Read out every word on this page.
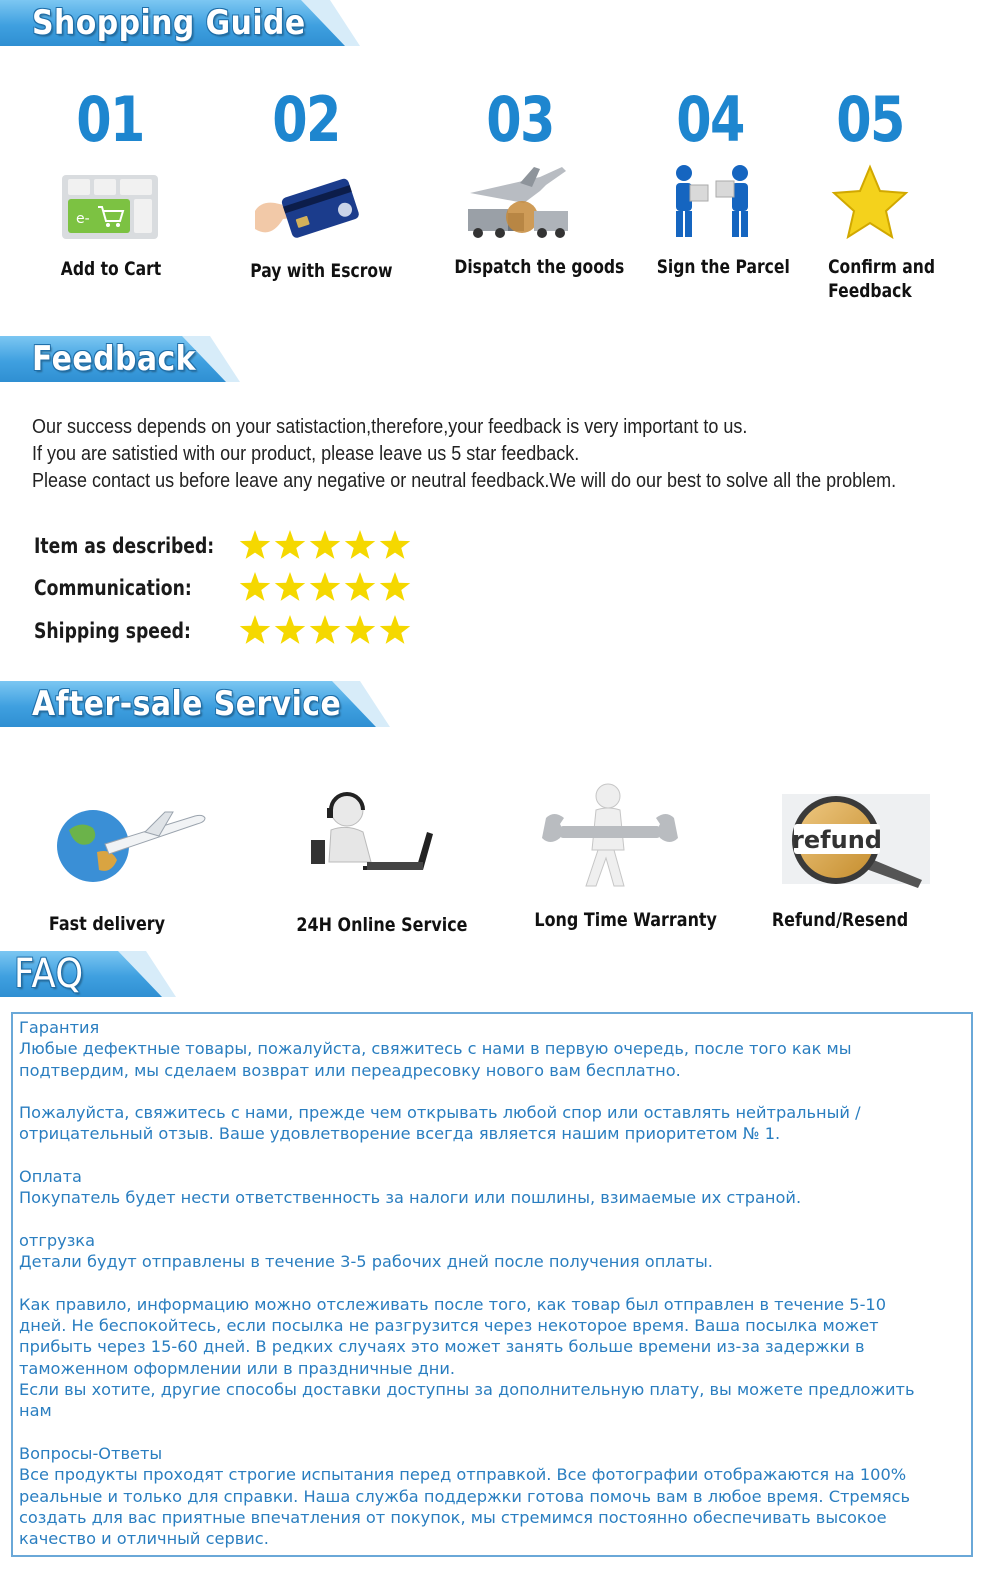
Shopping Guide
01
e-
Add to Cart
02
Pay with Escrow
03
Dispatch the goods
04
Sign the Parcel
05
Confirm and
Feedback
Feedback
Our success depends on your satistaction,therefore,your feedback is very important to us.
If you are satistied with our product, please leave us 5 star feedback.
Please contact us before leave any negative or neutral feedback.We will do our best to solve all the problem.
Item as described:
Communication:
Shipping speed:
After-sale Service
Fast delivery	24H Online Service	Long Time Warranty
refund
Refund/Resend
FAQ

Гарантия

Любые дефектные товары, пожалуйста, свяжитесь с нами в первую очередь, после того как мы

подтвердим, мы сделаем возврат или переадресовку нового вам бесплатно.

Пожалуйста, свяжитесь с нами, прежде чем открывать любой спор или оставлять нейтральный /

отрицательный отзыв. Ваше удовлетворение всегда является нашим приоритетом № 1.

Оплата

Покупатель будет нести ответственность за налоги или пошлины, взимаемые их страной.

отгрузка

Детали будут отправлены в течение 3-5 рабочих дней после получения оплаты.

Как правило, информацию можно отслеживать после того, как товар был отправлен в течение 5-10

дней. Не беспокойтесь, если посылка не разгрузится через некоторое время. Ваша посылка может

прибыть через 15-60 дней. В редких случаях это может занять больше времени из-за задержки в

таможенном оформлении или в праздничные дни.

Если вы хотите, другие способы доставки доступны за дополнительную плату, вы можете предложить

нам

Вопросы-Ответы

Все продукты проходят строгие испытания перед отправкой. Все фотографии отображаются на 100%

реальные и только для справки. Наша служба поддержки готова помочь вам в любое время. Стремясь

создать для вас приятные впечатления от покупок, мы стремимся постоянно обеспечивать высокое

качество и отличный сервис.
